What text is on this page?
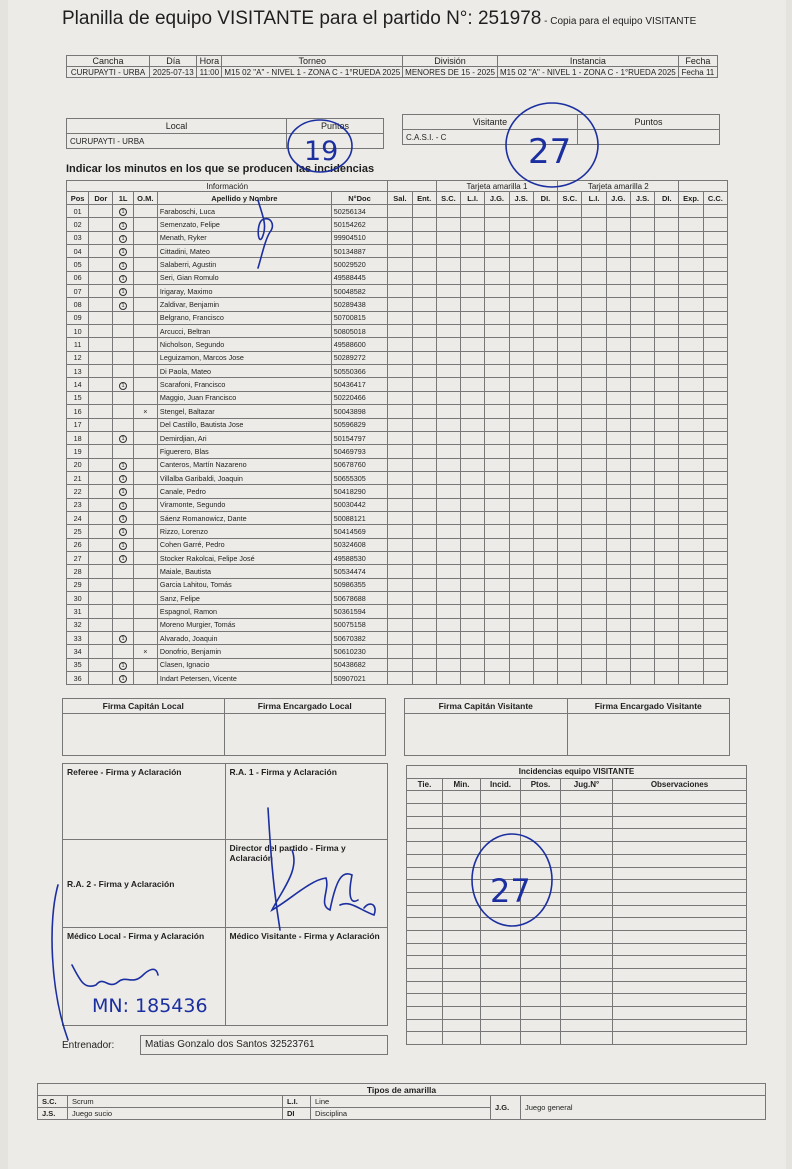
Planilla de equipo VISITANTE para el partido N°: 251978 - Copia para el equipo VISITANTE
Cancha	Día	Hora	Torneo	División	Instancia	Fecha
CURUPAYTI - URBA	2025-07-13	11:00	M15 02 "A" - NIVEL 1 - ZONA C - 1°RUEDA 2025	MENORES DE 15 - 2025	M15 02 "A" - NIVEL 1 - ZONA C - 1°RUEDA 2025	Fecha 11
Local	Puntos
CURUPAYTI - URBA	
Visitante	Puntos
C.A.S.I. - C	
Indicar los minutos en los que se producen las incidencias
Información								Tarjeta amarilla 1					Tarjeta amarilla 2						
Pos	Dor	1L	O.M.	Apellido y Nombre	N°Doc	Sal.	Ent.	S.C.	L.I.	J.G.	J.S.	DI.	S.C.	L.I.	J.G.	J.S.	DI.	Exp.	C.C.
01		1		Faraboschi, Luca	50256134														
02		1		Semenzato, Felipe	50154262														
03		1		Menath, Ryker	99904510														
04		1		Cittadini, Mateo	50134887														
05		1		Salaberri, Agustin	50029520														
06		1		Seri, Gian Romulo	49588445														
07		1		Irigaray, Maximo	50048582														
08		1		Zaldivar, Benjamin	50289438														
09				Belgrano, Francisco	50700815														
10				Arcucci, Beltran	50805018														
11				Nicholson, Segundo	49588600														
12				Leguizamon, Marcos Jose	50289272														
13				Di Paola, Mateo	50550366														
14		1		Scarafoni, Francisco	50436417														
15				Maggio, Juan Francisco	50220466														
16			×	Stengel, Baltazar	50043898														
17				Del Castillo, Bautista Jose	50596829														
18		1		Demirdjian, Ari	50154797														
19				Figuerero, Blas	50469793														
20		1		Canteros, Martín Nazareno	50678760														
21		1		Villalba Garibaldi, Joaquin	50655305														
22		1		Canale, Pedro	50418290														
23		1		Viramonte, Segundo	50030442														
24		1		Sáenz Romanowicz, Dante	50088121														
25		1		Rizzo, Lorenzo	50414569														
26		1		Cohen Garré, Pedro	50324608														
27		1		Stocker Rakolcai, Felipe José	49588530														
28				Maiale, Bautista	50534474														
29				Garcia Lahitou, Tomás	50986355														
30				Sanz, Felipe	50678688														
31				Espagnol, Ramon	50361594														
32				Moreno Murgier, Tomás	50075158														
33		1		Alvarado, Joaquin	50670382														
34			×	Donofrio, Benjamin	50610230														
35		1		Clasen, Ignacio	50438682														
36		1		Indart Petersen, Vicente	50907021														
Firma Capitán Local	Firma Encargado Local
		Firma Capitán Visitante	Firma Encargado Visitante

Referee - Firma y Aclaración	R.A. 1 - Firma y Aclaración
R.A. 2 - Firma y Aclaración	Director del partido - Firma y Aclaración
Médico Local - Firma y Aclaración	Médico Visitante - Firma y Aclaración
Incidencias equipo VISITANTE					
Tie.	Min.	Incid.	Ptos.	Jug.N°	Observaciones

Entrenador:	Matias Gonzalo dos Santos 32523761
Tipos de amarilla					
S.C.	Scrum	L.I.	Line	J.G.	Juego general
J.S.	Juego sucio	DI	Disciplina		
19	27
27
MN: 185436
